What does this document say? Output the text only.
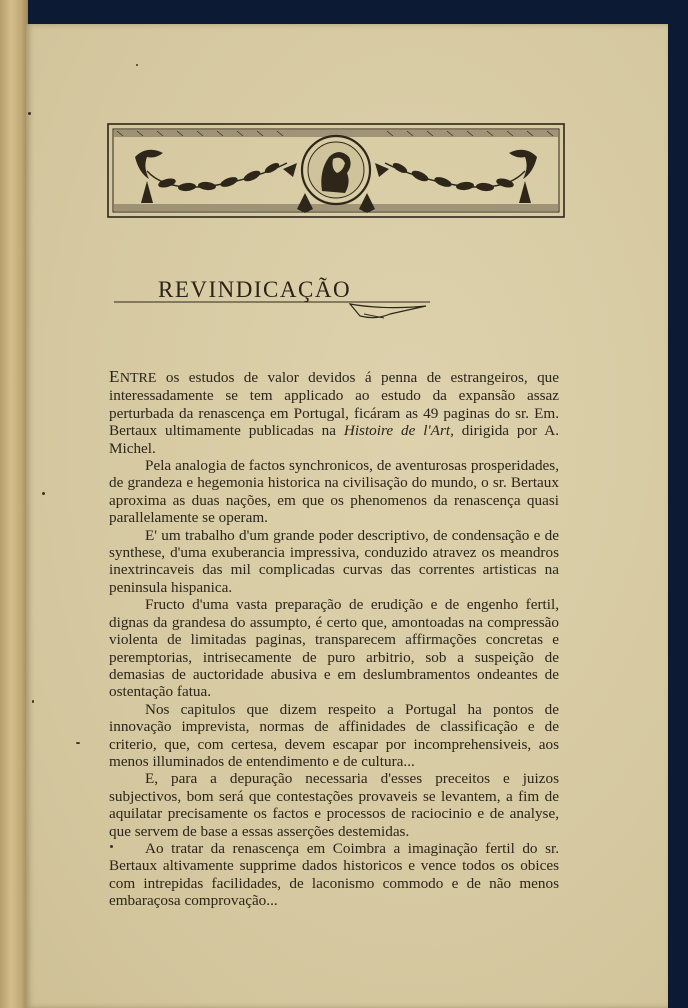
REVINDICAÇÃO

ENTRE os estudos de valor devidos á penna de estrangeiros, que interessadamente se tem applicado ao estudo da expansão assaz perturbada da renascença em Portugal, ficáram as 49 paginas do sr. Em. Bertaux ultimamente publicadas na Histoire de l'Art, dirigida por A. Michel.

Pela analogia de factos synchronicos, de aventurosas prosperidades, de grandeza e hegemonia historica na civilisação do mundo, o sr. Bertaux aproxima as duas nações, em que os phenomenos da renascença quasi parallelamente se operam.

E' um trabalho d'um grande poder descriptivo, de condensação e de synthese, d'uma exuberancia impressiva, conduzido atravez os meandros inextrincaveis das mil complicadas curvas das correntes artisticas na peninsula hispanica.

Fructo d'uma vasta preparação de erudição e de engenho fertil, dignas da grandesa do assumpto, é certo que, amontoadas na compressão violenta de limitadas paginas, transparecem affirmações concretas e peremptorias, intrisecamente de puro arbitrio, sob a suspeição de demasias de auctoridade abusiva e em deslumbramentos ondeantes de ostentação fatua.

Nos capitulos que dizem respeito a Portugal ha pontos de innovação imprevista, normas de affinidades de classificação e de criterio, que, com certesa, devem escapar por incomprehensiveis, aos menos illuminados de entendimento e de cultura...

E, para a depuração necessaria d'esses preceitos e juizos subjectivos, bom será que contestações provaveis se levantem, a fim de aquilatar precisamente os factos e processos de raciocinio e de analyse, que servem de base a essas asserções destemidas.

Ao tratar da renascença em Coimbra a imaginação fertil do sr. Bertaux altivamente supprime dados historicos e vence todos os obices com intrepidas facilidades, de laconismo commodo e de não menos embaraçosa comprovação...
